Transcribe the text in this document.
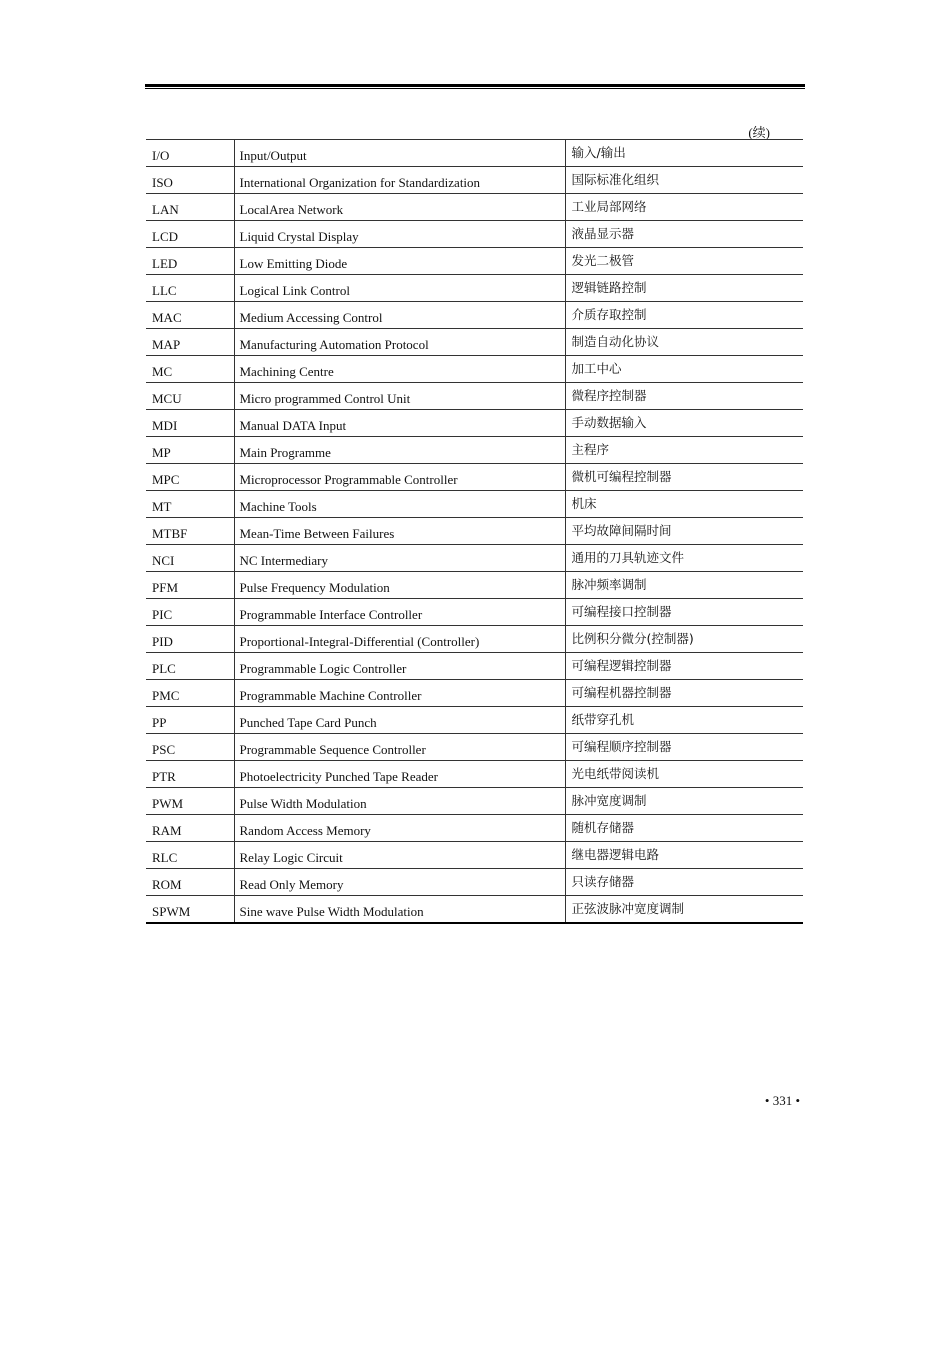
(续)
I/O	Input/Output	输入/输出
ISO	International Organization for Standardization	国际标准化组织
LAN	LocalArea Network	工业局部网络
LCD	Liquid Crystal Display	液晶显示器
LED	Low Emitting Diode	发光二极管
LLC	Logical Link Control	逻辑链路控制
MAC	Medium Accessing Control	介质存取控制
MAP	Manufacturing Automation Protocol	制造自动化协议
MC	Machining Centre	加工中心
MCU	Micro programmed Control Unit	微程序控制器
MDI	Manual DATA Input	手动数据输入
MP	Main Programme	主程序
MPC	Microprocessor Programmable Controller	微机可编程控制器
MT	Machine Tools	机床
MTBF	Mean-Time Between Failures	平均故障间隔时间
NCI	NC Intermediary	通用的刀具轨迹文件
PFM	Pulse Frequency Modulation	脉冲频率调制
PIC	Programmable Interface Controller	可编程接口控制器
PID	Proportional-Integral-Differential (Controller)	比例积分微分(控制器)
PLC	Programmable Logic Controller	可编程逻辑控制器
PMC	Programmable Machine Controller	可编程机器控制器
PP	Punched Tape Card Punch	纸带穿孔机
PSC	Programmable Sequence Controller	可编程顺序控制器
PTR	Photoelectricity Punched Tape Reader	光电纸带阅读机
PWM	Pulse Width Modulation	脉冲宽度调制
RAM	Random Access Memory	随机存储器
RLC	Relay Logic Circuit	继电器逻辑电路
ROM	Read Only Memory	只读存储器
SPWM	Sine wave Pulse Width Modulation	正弦波脉冲宽度调制
• 331 •
